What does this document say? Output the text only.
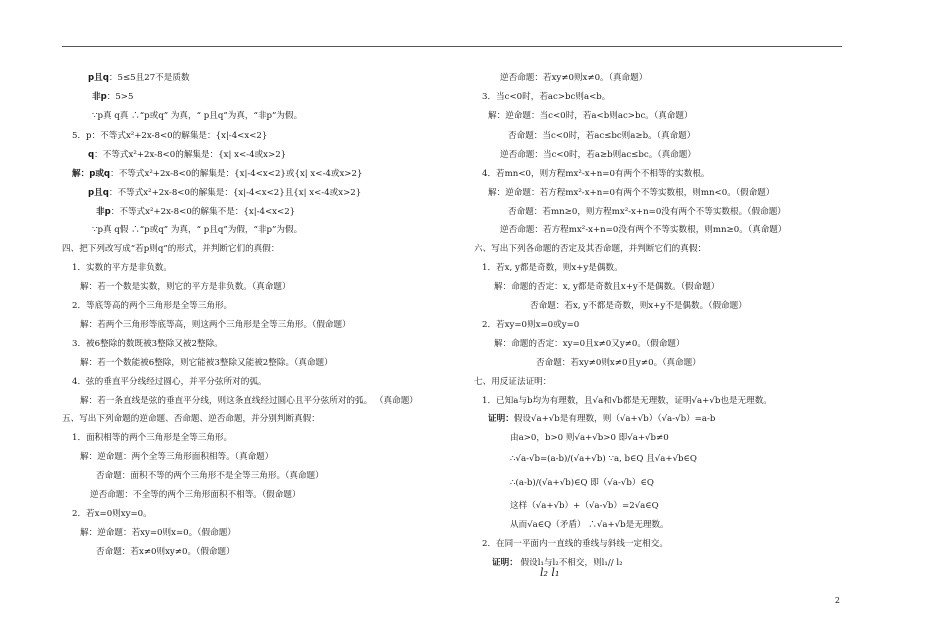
2
p且q：5≤5且27不是质数
非p：5>5
∵p真 q真 ∴“p或q” 为真，“ p且q”为真，“非p”为假。
5．p：不等式x²+2x-8<0的解集是：{x|-4<x<2}
q：不等式x²+2x-8<0的解集是：{x| x<-4或x>2}
解：p或q：不等式x²+2x-8<0的解集是：{x|-4<x<2}或{x| x<-4或x>2}
p且q：不等式x²+2x-8<0的解集是：{x|-4<x<2}且{x| x<-4或x>2}
非p：不等式x²+2x-8<0的解集不是：{x|-4<x<2}
∵p真 q假 ∴“p或q” 为真，“ p且q”为假，“非p”为假。
四、把下列改写成“若p则q”的形式，并判断它们的真假：
1．实数的平方是非负数。
解：若一个数是实数，则它的平方是非负数。（真命题）
2．等底等高的两个三角形是全等三角形。
解：若两个三角形等底等高，则这两个三角形是全等三角形。（假命题）
3．被6整除的数既被3整除又被2整除。
解：若一个数能被6整除，则它能被3整除又能被2整除。（真命题）
4．弦的垂直平分线经过圆心，并平分弦所对的弧。
解：若一条直线是弦的垂直平分线，则这条直线经过圆心且平分弦所对的弧。 （真命题）
五、写出下列命题的逆命题、否命题、逆否命题，并分别判断真假：
1．面积相等的两个三角形是全等三角形。
解：逆命题：两个全等三角形面积相等。（真命题）
否命题：面积不等的两个三角形不是全等三角形。（真命题）
逆否命题：不全等的两个三角形面积不相等。（假命题）
2．若x=0则xy=0。
解：逆命题：若xy=0则x=0。（假命题）
否命题：若x≠0则xy≠0。（假命题）
逆否命题：若xy≠0则x≠0。（真命题）
3．当c<0时，若ac>bc则a<b。
解：逆命题：当c<0时，若a<b则ac>bc。（真命题）
否命题：当c<0时，若ac≤bc则a≥b。（真命题）
逆否命题：当c<0时，若a≥b则ac≤bc。（真命题）
4．若mn<0，则方程mx²-x+n=0有两个不相等的实数根。
解：逆命题：若方程mx²-x+n=0有两个不等实数根，则mn<0。（假命题）
否命题：若mn≥0，则方程mx²-x+n=0没有两个不等实数根。（假命题）
逆否命题：若方程mx²-x+n=0没有两个不等实数根，则mn≥0。（真命题）
六、写出下列各命题的否定及其否命题，并判断它们的真假：
1．若x, y都是奇数，则x+y是偶数。
解：命题的否定：x, y都是奇数且x+y不是偶数。（假命题）
否命题：若x, y不都是奇数，则x+y不是偶数。（假命题）
2．若xy=0则x=0或y=0
解：命题的否定：xy=0且x≠0又y≠0。（假命题）
否命题：若xy≠0则x≠0且y≠0。（真命题）
七、用反证法证明：
1．已知a与b均为有理数，且√a和√b都是无理数，证明√a+√b也是无理数。
证明：假设√a+√b是有理数，则（√a+√b）（√a-√b）=a-b
由a>0，b>0 则√a+√b>0 即√a+√b≠0
∴√a-√b=(a-b)/(√a+√b) ∵a, b∈Q 且√a+√b∈Q
∴(a-b)/(√a+√b)∈Q 即（√a-√b）∈Q
这样（√a+√b）+（√a-√b）=2√a∈Q
从而√a∈Q（矛盾） ∴√a+√b是无理数。
2．在同一平面内一直线的垂线与斜线一定相交。
证明： 假设l₁与l₂不相交，则l₁// l₂
l₂ l₁
